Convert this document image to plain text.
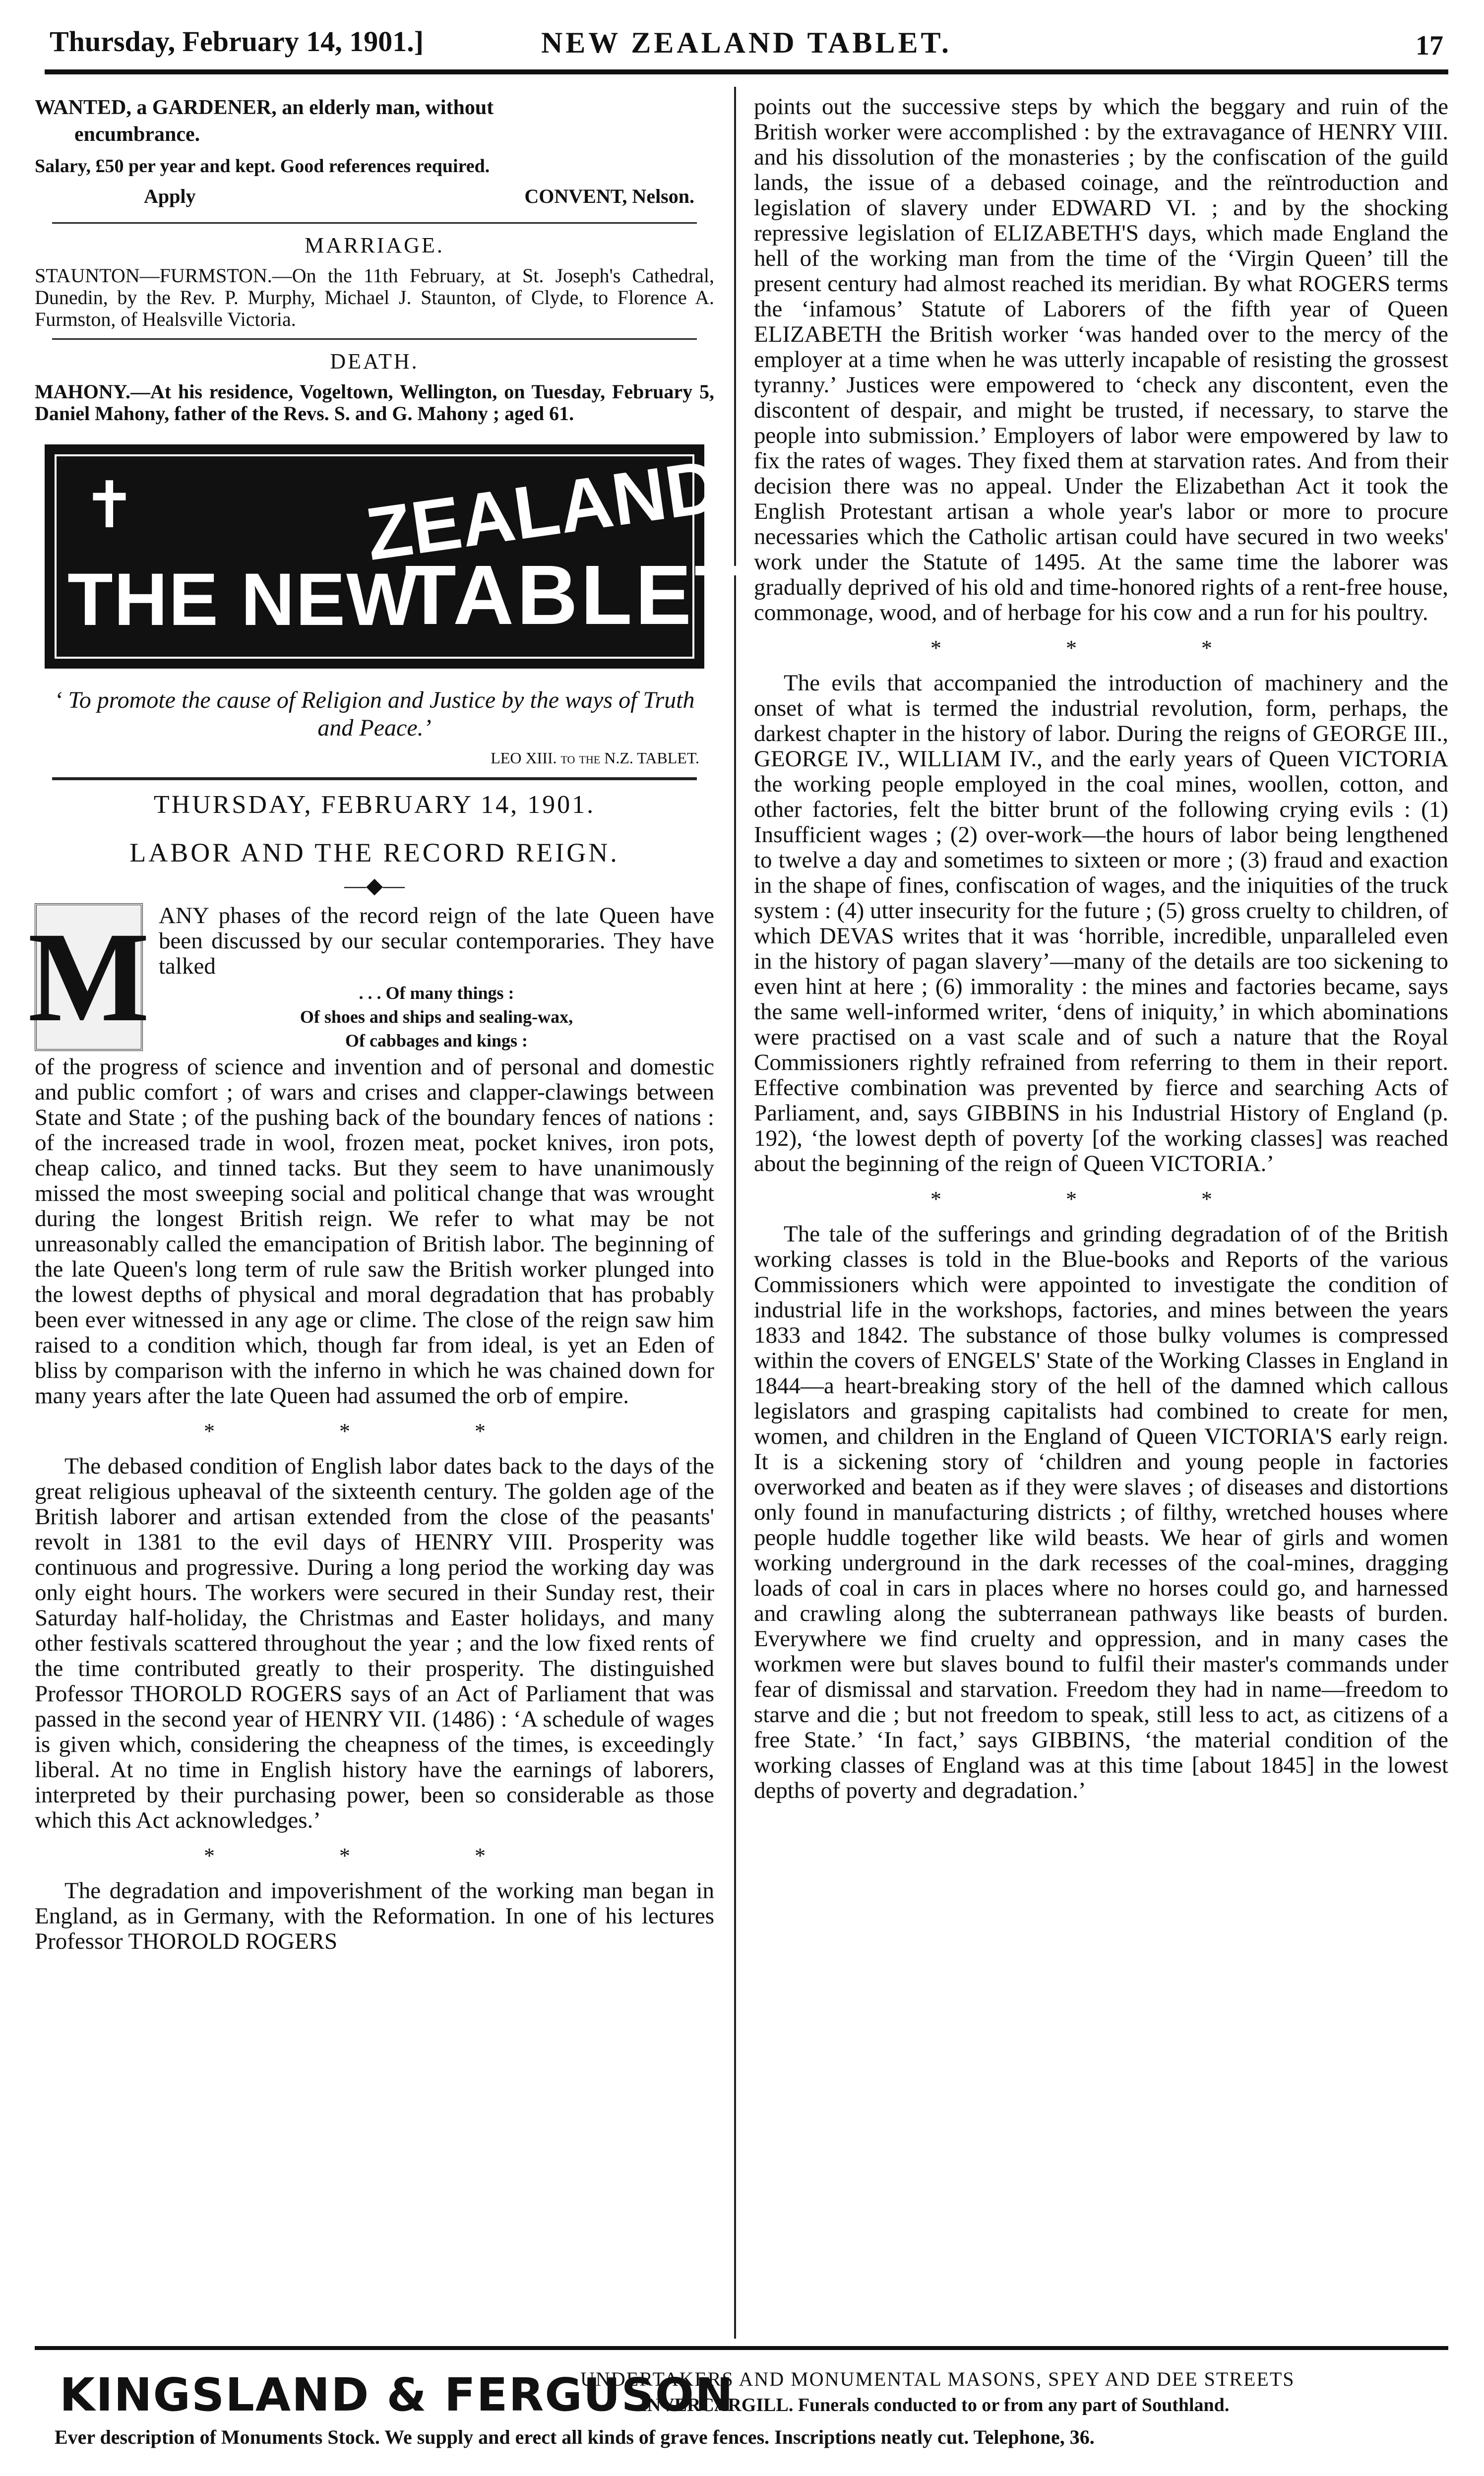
Thursday, February 14, 1901.]	NEW ZEALAND TABLET.	17
WANTED, a GARDENER, an elderly man, without
encumbrance.
Salary, £50 per year and kept. Good references required.
Apply	CONVENT, Nelson.
MARRIAGE.
STAUNTON—FURMSTON.—On the 11th February, at St. Joseph's Cathedral, Dunedin, by the Rev. P. Murphy, Michael J. Staunton, of Clyde, to Florence A. Furmston, of Healsville Victoria.
DEATH.
MAHONY.—At his residence, Vogeltown, Wellington, on Tuesday, February 5, Daniel Mahony, father of the Revs. S. and G. Mahony ; aged 61.
✝
THE NEW
ZEALAND
TABLET
‘ To promote the cause of Religion and Justice by the ways of Truth and Peace.’
LEO XIII. to the N.Z. TABLET.
THURSDAY, FEBRUARY 14, 1901.
LABOR AND THE RECORD REIGN.
—◆—
M ANY phases of the record reign of the late Queen have been discussed by our secular contemporaries. They have talked

. . . Of many things :
Of shoes and ships and sealing-wax,
Of cabbages and kings :

of the progress of science and invention and of personal and domestic and public comfort ; of wars and crises and clapper-clawings between State and State ; of the pushing back of the boundary fences of nations : of the increased trade in wool, frozen meat, pocket knives, iron pots, cheap calico, and tinned tacks. But they seem to have unanimously missed the most sweeping social and political change that was wrought during the longest British reign. We refer to what may be not unreasonably called the emancipation of British labor. The beginning of the late Queen's long term of rule saw the British worker plunged into the lowest depths of physical and moral degradation that has probably been ever witnessed in any age or clime. The close of the reign saw him raised to a condition which, though far from ideal, is yet an Eden of bliss by comparison with the inferno in which he was chained down for many years after the late Queen had assumed the orb of empire.

* * *

The debased condition of English labor dates back to the days of the great religious upheaval of the sixteenth century. The golden age of the British laborer and artisan extended from the close of the peasants' revolt in 1381 to the evil days of HENRY VIII. Prosperity was continuous and progressive. During a long period the working day was only eight hours. The workers were secured in their Sunday rest, their Saturday half-holiday, the Christmas and Easter holidays, and many other festivals scattered throughout the year ; and the low fixed rents of the time contributed greatly to their prosperity. The distinguished Professor THOROLD ROGERS says of an Act of Parliament that was passed in the second year of HENRY VII. (1486) : ‘A schedule of wages is given which, considering the cheapness of the times, is exceedingly liberal. At no time in English history have the earnings of laborers, interpreted by their purchasing power, been so considerable as those which this Act acknowledges.’

* * *

The degradation and impoverishment of the working man began in England, as in Germany, with the Reformation. In one of his lectures Professor THOROLD ROGERS

points out the successive steps by which the beggary and ruin of the British worker were accomplished : by the extravagance of HENRY VIII. and his dissolution of the monasteries ; by the confiscation of the guild lands, the issue of a debased coinage, and the reïntroduction and legislation of slavery under EDWARD VI. ; and by the shocking repressive legislation of ELIZABETH'S days, which made England the hell of the working man from the time of the ‘Virgin Queen’ till the present century had almost reached its meridian. By what ROGERS terms the ‘infamous’ Statute of Laborers of the fifth year of Queen ELIZABETH the British worker ‘was handed over to the mercy of the employer at a time when he was utterly incapable of resisting the grossest tyranny.’ Justices were empowered to ‘check any discontent, even the discontent of despair, and might be trusted, if necessary, to starve the people into submission.’ Employers of labor were empowered by law to fix the rates of wages. They fixed them at starvation rates. And from their decision there was no appeal. Under the Elizabethan Act it took the English Protestant artisan a whole year's labor or more to procure necessaries which the Catholic artisan could have secured in two weeks' work under the Statute of 1495. At the same time the laborer was gradually deprived of his old and time-honored rights of a rent-free house, commonage, wood, and of herbage for his cow and a run for his poultry.

* * *

The evils that accompanied the introduction of machinery and the onset of what is termed the industrial revolution, form, perhaps, the darkest chapter in the history of labor. During the reigns of GEORGE III., GEORGE IV., WILLIAM IV., and the early years of Queen VICTORIA the working people employed in the coal mines, woollen, cotton, and other factories, felt the bitter brunt of the following crying evils : (1) Insufficient wages ; (2) over-work—the hours of labor being lengthened to twelve a day and sometimes to sixteen or more ; (3) fraud and exaction in the shape of fines, confiscation of wages, and the iniquities of the truck system : (4) utter insecurity for the future ; (5) gross cruelty to children, of which DEVAS writes that it was ‘horrible, incredible, unparalleled even in the history of pagan slavery’—many of the details are too sickening to even hint at here ; (6) immorality : the mines and factories became, says the same well-informed writer, ‘dens of iniquity,’ in which abominations were practised on a vast scale and of such a nature that the Royal Commissioners rightly refrained from referring to them in their report. Effective combination was prevented by fierce and searching Acts of Parliament, and, says GIBBINS in his Industrial History of England (p. 192), ‘the lowest depth of poverty [of the working classes] was reached about the beginning of the reign of Queen VICTORIA.’

* * *

The tale of the sufferings and grinding degradation of of the British working classes is told in the Blue-books and Reports of the various Commissioners which were appointed to investigate the condition of industrial life in the workshops, factories, and mines between the years 1833 and 1842. The substance of those bulky volumes is compressed within the covers of ENGELS' State of the Working Classes in England in 1844—a heart-breaking story of the hell of the damned which callous legislators and grasping capitalists had combined to create for men, women, and children in the England of Queen VICTORIA'S early reign. It is a sickening story of ‘children and young people in factories overworked and beaten as if they were slaves ; of diseases and distortions only found in manufacturing districts ; of filthy, wretched houses where people huddle together like wild beasts. We hear of girls and women working underground in the dark recesses of the coal-mines, dragging loads of coal in cars in places where no horses could go, and harnessed and crawling along the subterranean pathways like beasts of burden. Everywhere we find cruelty and oppression, and in many cases the workmen were but slaves bound to fulfil their master's commands under fear of dismissal and starvation. Freedom they had in name—freedom to starve and die ; but not freedom to speak, still less to act, as citizens of a free State.’ ‘In fact,’ says GIBBINS, ‘the material condition of the working classes of England was at this time [about 1845] in the lowest depths of poverty and degradation.’

KINGSLAND & FERGUSON
UNDERTAKERS AND MONUMENTAL MASONS, SPEY AND DEE STREETS
INVERCARGILL. Funerals conducted to or from any part of Southland.
Ever description of Monuments Stock. We supply and erect all kinds of grave fences. Inscriptions neatly cut. Telephone, 36.
